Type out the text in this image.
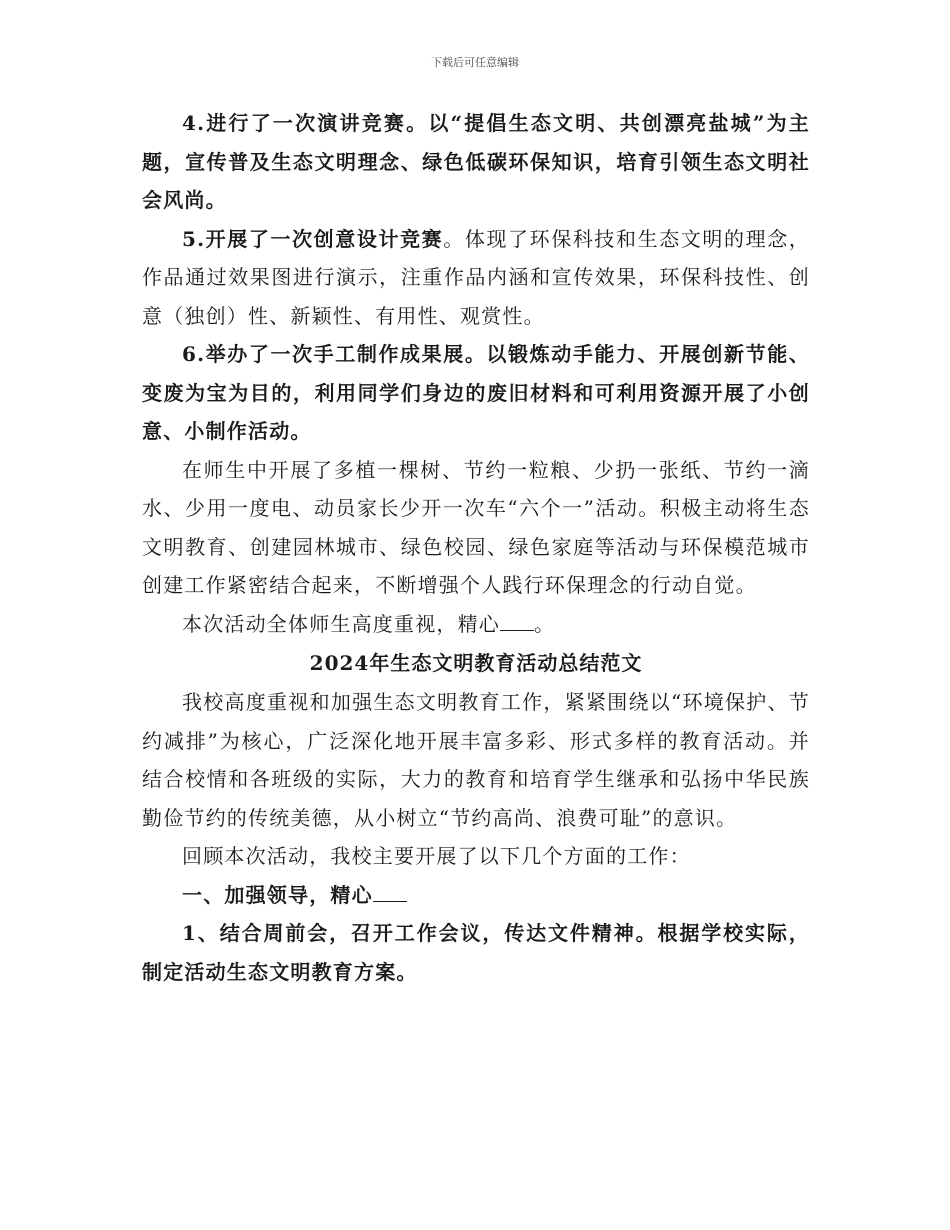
下载后可任意编辑

4.进行了一次演讲竞赛。以“提倡生态文明、共创漂亮盐城”为主题，宣传普及生态文明理念、绿色低碳环保知识，培育引领生态文明社会风尚。

5.开展了一次创意设计竞赛。体现了环保科技和生态文明的理念，作品通过效果图进行演示，注重作品内涵和宣传效果，环保科技性、创意（独创）性、新颖性、有用性、观赏性。

6.举办了一次手工制作成果展。以锻炼动手能力、开展创新节能、变废为宝为目的，利用同学们身边的废旧材料和可利用资源开展了小创意、小制作活动。

在师生中开展了多植一棵树、节约一粒粮、少扔一张纸、节约一滴水、少用一度电、动员家长少开一次车“六个一”活动。积极主动将生态文明教育、创建园林城市、绿色校园、绿色家庭等活动与环保模范城市创建工作紧密结合起来，不断增强个人践行环保理念的行动自觉。

本次活动全体师生高度重视，精心 。

2024年生态文明教育活动总结范文

我校高度重视和加强生态文明教育工作，紧紧围绕以“环境保护、节约减排”为核心，广泛深化地开展丰富多彩、形式多样的教育活动。并结合校情和各班级的实际，大力的教育和培育学生继承和弘扬中华民族勤俭节约的传统美德，从小树立“节约高尚、浪费可耻”的意识。

回顾本次活动，我校主要开展了以下几个方面的工作：

一、加强领导，精心

1、结合周前会，召开工作会议，传达文件精神。根据学校实际，制定活动生态文明教育方案。
